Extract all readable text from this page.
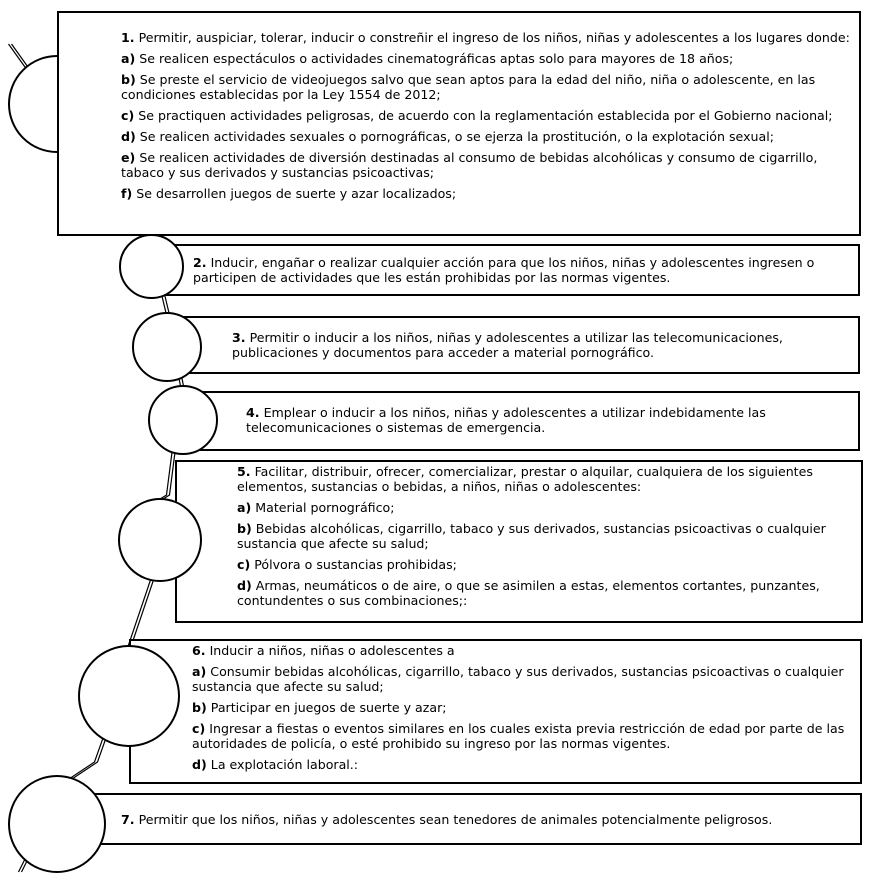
1. Permitir, auspiciar, tolerar, inducir o constreñir el ingreso de los niños, niñas y adolescentes a los lugares donde:

a) Se realicen espectáculos o actividades cinematográficas aptas solo para mayores de 18 años;

b) Se preste el servicio de videojuegos salvo que sean aptos para la edad del niño, niña o adolescente, en las condiciones establecidas por la Ley 1554 de 2012;

c) Se practiquen actividades peligrosas, de acuerdo con la reglamentación establecida por el Gobierno nacional;

d) Se realicen actividades sexuales o pornográficas, o se ejerza la prostitución, o la explotación sexual;

e) Se realicen actividades de diversión destinadas al consumo de bebidas alcohólicas y consumo de cigarrillo, tabaco y sus derivados y sustancias psicoactivas;

f) Se desarrollen juegos de suerte y azar localizados;

2. Inducir, engañar o realizar cualquier acción para que los niños, niñas y adolescentes ingresen o participen de actividades que les están prohibidas por las normas vigentes.

3. Permitir o inducir a los niños, niñas y adolescentes a utilizar las telecomunicaciones, publicaciones y documentos para acceder a material pornográfico.

4. Emplear o inducir a los niños, niñas y adolescentes a utilizar indebidamente las telecomunicaciones o sistemas de emergencia.

5. Facilitar, distribuir, ofrecer, comercializar, prestar o alquilar, cualquiera de los siguientes elementos, sustancias o bebidas, a niños, niñas o adolescentes:

a) Material pornográfico;

b) Bebidas alcohólicas, cigarrillo, tabaco y sus derivados, sustancias psicoactivas o cualquier sustancia que afecte su salud;

c) Pólvora o sustancias prohibidas;

d) Armas, neumáticos o de aire, o que se asimilen a estas, elementos cortantes, punzantes, contundentes o sus combinaciones;:

6. Inducir a niños, niñas o adolescentes a

a) Consumir bebidas alcohólicas, cigarrillo, tabaco y sus derivados, sustancias psicoactivas o cualquier sustancia que afecte su salud;

b) Participar en juegos de suerte y azar;

c) Ingresar a fiestas o eventos similares en los cuales exista previa restricción de edad por parte de las autoridades de policía, o esté prohibido su ingreso por las normas vigentes.

d) La explotación laboral.:

7. Permitir que los niños, niñas y adolescentes sean tenedores de animales potencialmente peligrosos.
